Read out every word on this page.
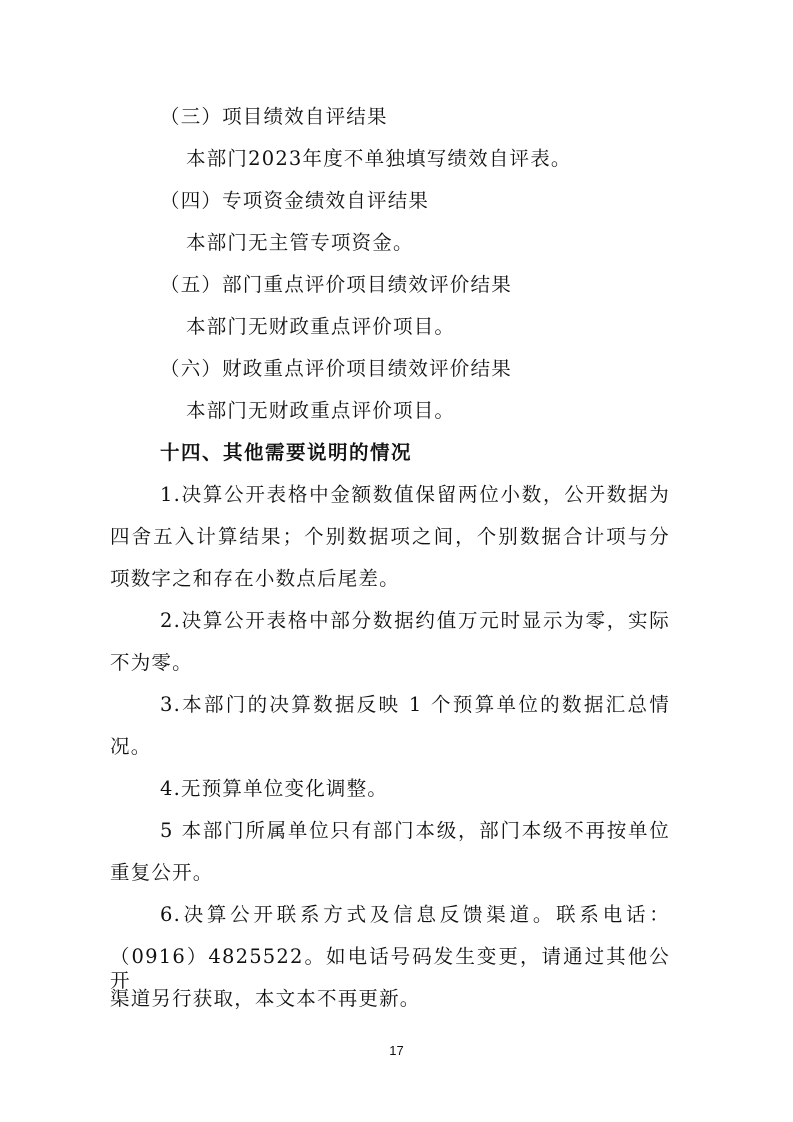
（三）项目绩效自评结果
本部门2023年度不单独填写绩效自评表。
（四）专项资金绩效自评结果
本部门无主管专项资金。
（五）部门重点评价项目绩效评价结果
本部门无财政重点评价项目。
（六）财政重点评价项目绩效评价结果
本部门无财政重点评价项目。
十四、其他需要说明的情况
1.决算公开表格中金额数值保留两位小数，公开数据为
四舍五入计算结果；个别数据项之间，个别数据合计项与分
项数字之和存在小数点后尾差。
2.决算公开表格中部分数据约值万元时显示为零，实际
不为零。
3.本部门的决算数据反映 1 个预算单位的数据汇总情
况。
4.无预算单位变化调整。
5 本部门所属单位只有部门本级，部门本级不再按单位
重复公开。
6.决算公开联系方式及信息反馈渠道。联系电话：
（0916）4825522。如电话号码发生变更，请通过其他公开
渠道另行获取，本文本不再更新。
17
